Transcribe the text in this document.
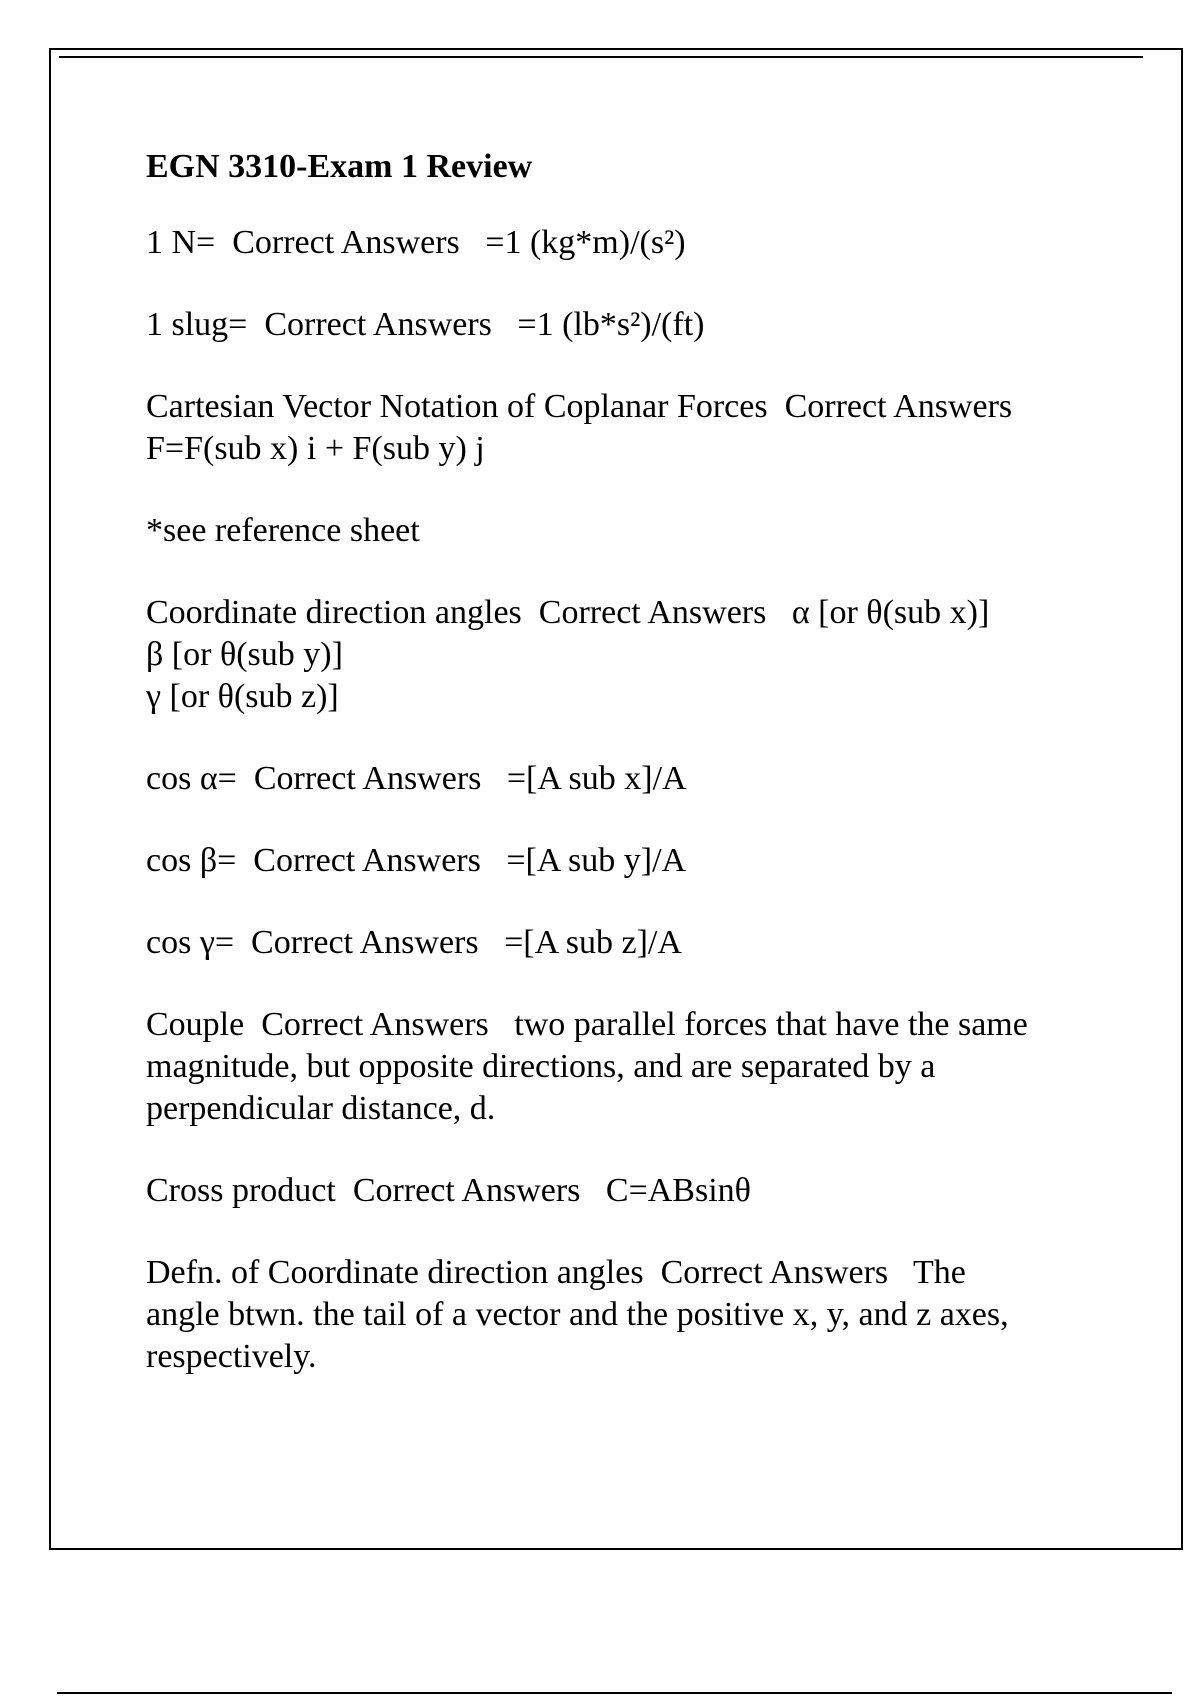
EGN 3310-Exam 1 Review
1 N= Correct Answers =1 (kg*m)/(s²)
1 slug= Correct Answers =1 (lb*s²)/(ft)
Cartesian Vector Notation of Coplanar Forces Correct Answers
F=F(sub x) i + F(sub y) j
*see reference sheet
Coordinate direction angles Correct Answers α [or θ(sub x)]
β [or θ(sub y)]
γ [or θ(sub z)]
cos α= Correct Answers =[A sub x]/A
cos β= Correct Answers =[A sub y]/A
cos γ= Correct Answers =[A sub z]/A
Couple Correct Answers two parallel forces that have the same
magnitude, but opposite directions, and are separated by a
perpendicular distance, d.
Cross product Correct Answers C=ABsinθ
Defn. of Coordinate direction angles Correct Answers The
angle btwn. the tail of a vector and the positive x, y, and z axes,
respectively.
